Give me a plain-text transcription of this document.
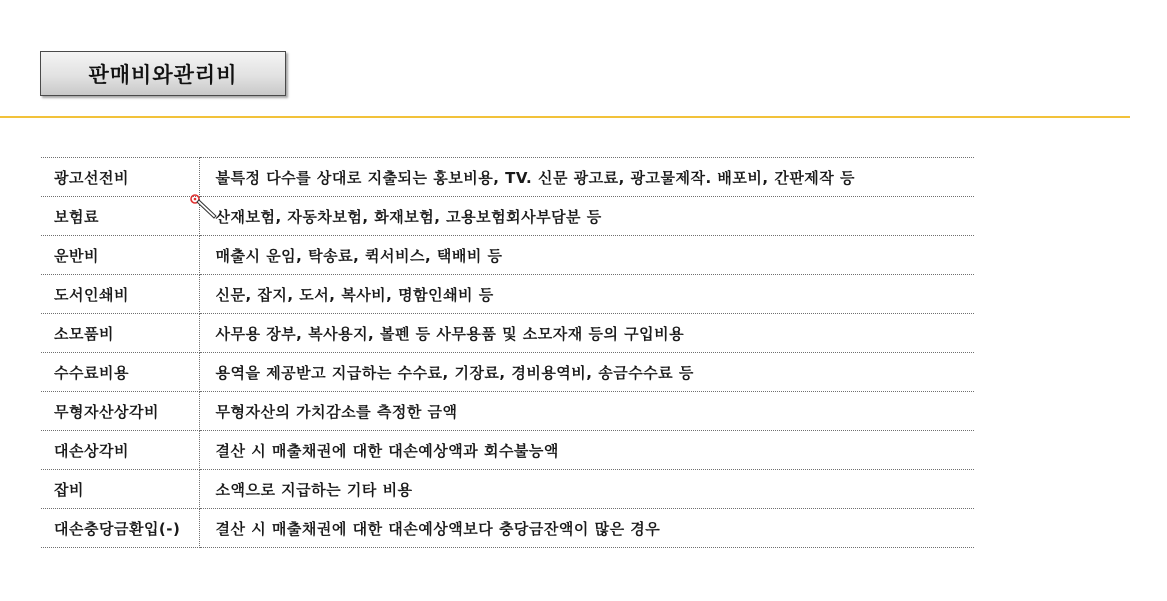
판매비와관리비
광고선전비	불특정 다수를 상대로 지출되는 홍보비용, TV. 신문 광고료, 광고물제작. 배포비, 간판제작 등
보험료	산재보험, 자동차보험, 화재보험, 고용보험회사부담분 등
운반비	매출시 운임, 탁송료, 퀵서비스, 택배비 등
도서인쇄비	신문, 잡지, 도서, 복사비, 명함인쇄비 등
소모품비	사무용 장부, 복사용지, 볼펜 등 사무용품 및 소모자재 등의 구입비용
수수료비용	용역을 제공받고 지급하는 수수료, 기장료, 경비용역비, 송금수수료 등
무형자산상각비	무형자산의 가치감소를 측정한 금액
대손상각비	결산 시 매출채권에 대한 대손예상액과 회수불능액
잡비	소액으로 지급하는 기타 비용
대손충당금환입(-)	결산 시 매출채권에 대한 대손예상액보다 충당금잔액이 많은 경우
